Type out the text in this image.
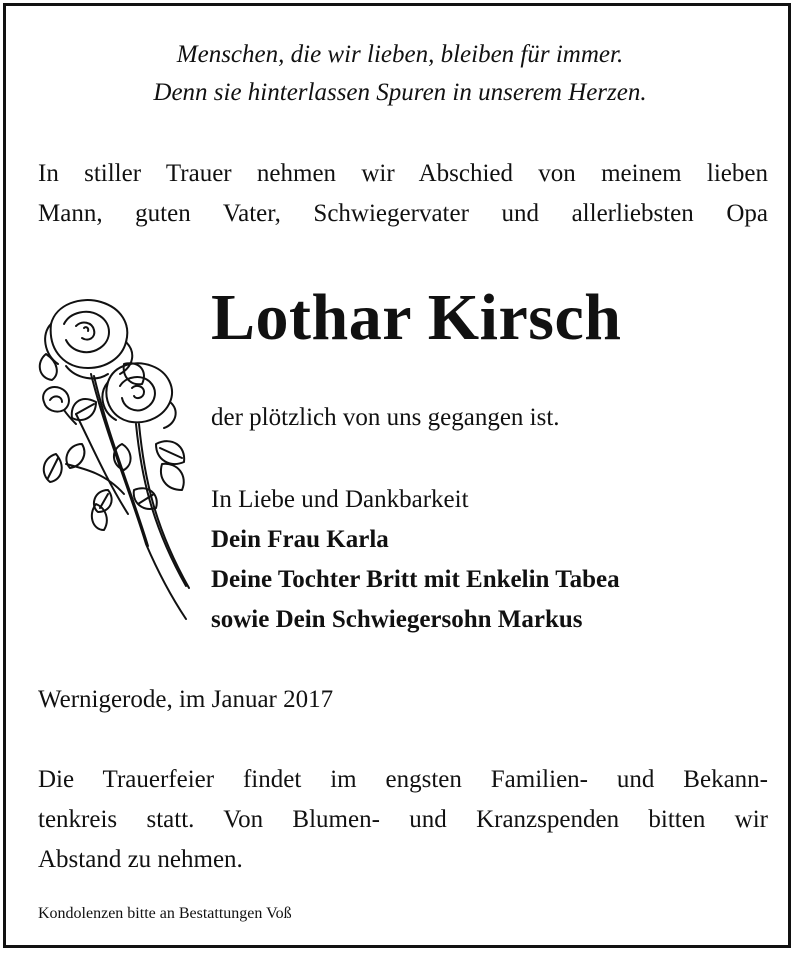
Menschen, die wir lieben, bleiben für immer.
Denn sie hinterlassen Spuren in unserem Herzen.
In stiller Trauer nehmen wir Abschied von meinem lieben
Mann, guten Vater, Schwiegervater und allerliebsten Opa
Lothar Kirsch
der plötzlich von uns gegangen ist.
In Liebe und Dankbarkeit
Dein Frau Karla
Deine Tochter Britt mit Enkelin Tabea
sowie Dein Schwiegersohn Markus
Wernigerode, im Januar 2017
Die Trauerfeier findet im engsten Familien- und Bekann-
tenkreis statt. Von Blumen- und Kranzspenden bitten wir
Abstand zu nehmen.
Kondolenzen bitte an Bestattungen Voß
